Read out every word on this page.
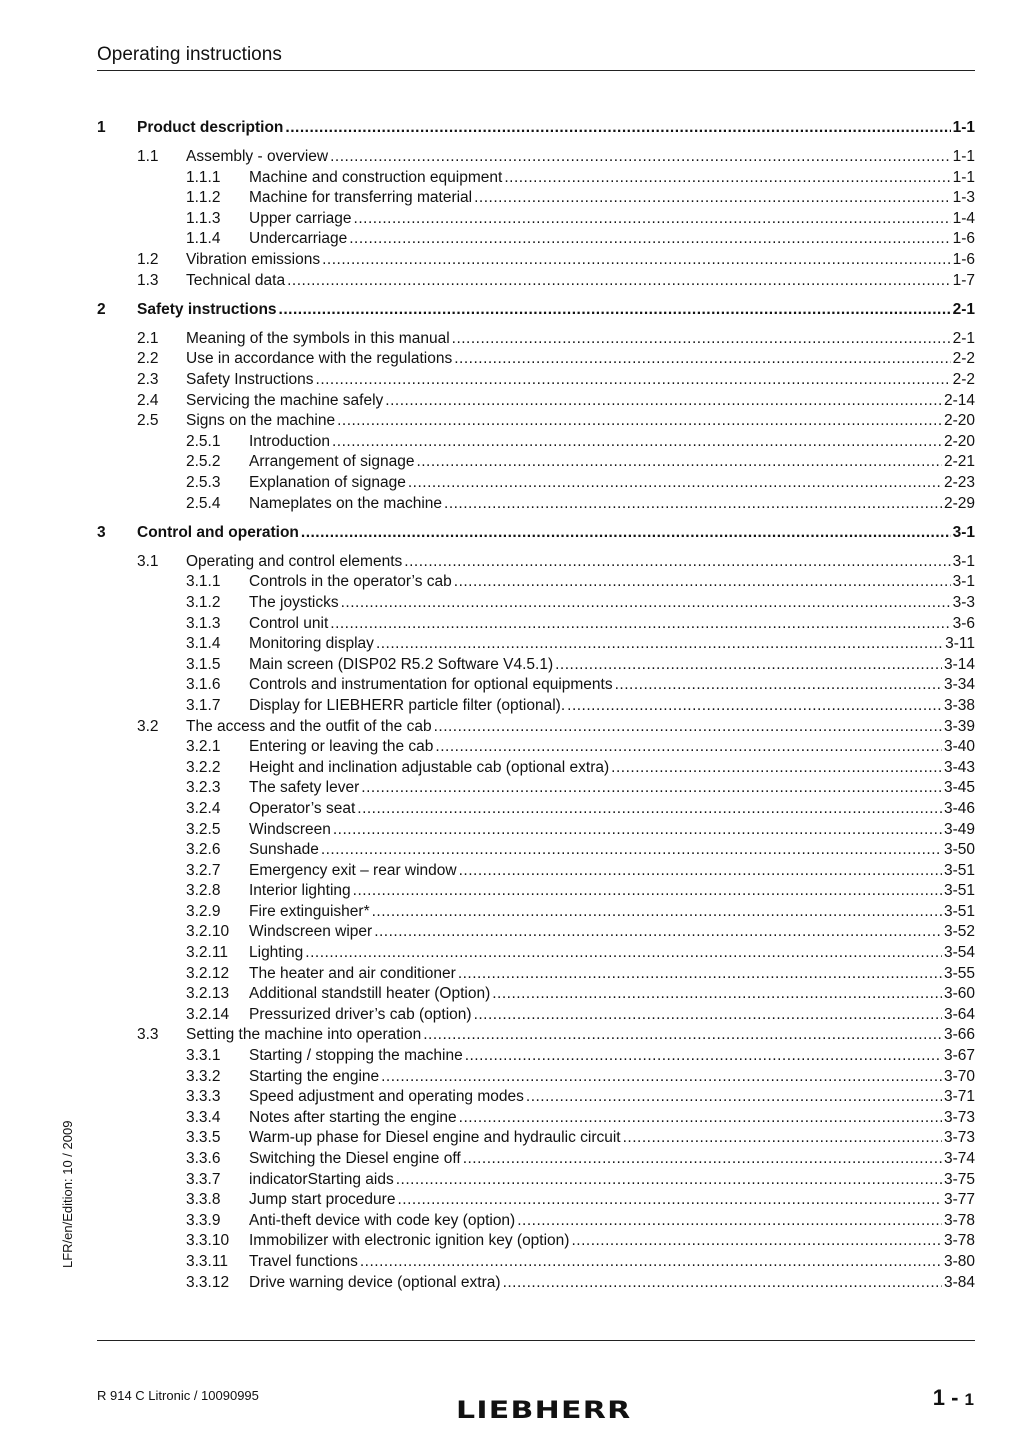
Operating instructions
1 Product description .....	1-1
1.1 Assembly - overview .....	1-1
1.1.1 Machine and construction equipment .....	1-1
1.1.2 Machine for transferring material .....	1-3
1.1.3 Upper carriage .....	1-4
1.1.4 Undercarriage .....	1-6
1.2 Vibration emissions .....	1-6
1.3 Technical data .....	1-7
2 Safety instructions .....	2-1
2.1 Meaning of the symbols in this manual .....	2-1
2.2 Use in accordance with the regulations .....	2-2
2.3 Safety Instructions .....	2-2
2.4 Servicing the machine safely .....	2-14
2.5 Signs on the machine .....	2-20
2.5.1 Introduction .....	2-20
2.5.2 Arrangement of signage .....	2-21
2.5.3 Explanation of signage .....	2-23
2.5.4 Nameplates on the machine .....	2-29
3 Control and operation .....	3-1
3.1 Operating and control elements .....	3-1
3.1.1 Controls in the operator’s cab .....	3-1
3.1.2 The joysticks .....	3-3
3.1.3 Control unit .....	3-6
3.1.4 Monitoring display .....	3-11
3.1.5 Main screen (DISP02 R5.2 Software V4.5.1) .....	3-14
3.1.6 Controls and instrumentation for optional equipments .....	3-34
3.1.7 Display for LIEBHERR particle filter (optional). .....	3-38
3.2 The access and the outfit of the cab .....	3-39
3.2.1 Entering or leaving the cab .....	3-40
3.2.2 Height and inclination adjustable cab (optional extra) .....	3-43
3.2.3 The safety lever .....	3-45
3.2.4 Operator’s seat .....	3-46
3.2.5 Windscreen .....	3-49
3.2.6 Sunshade .....	3-50
3.2.7 Emergency exit – rear window .....	3-51
3.2.8 Interior lighting .....	3-51
3.2.9 Fire extinguisher* .....	3-51
3.2.10 Windscreen wiper .....	3-52
3.2.11 Lighting .....	3-54
3.2.12 The heater and air conditioner .....	3-55
3.2.13 Additional standstill heater (Option) .....	3-60
3.2.14 Pressurized driver’s cab (option) .....	3-64
3.3 Setting the machine into operation .....	3-66
3.3.1 Starting / stopping the machine .....	3-67
3.3.2 Starting the engine .....	3-70
3.3.3 Speed adjustment and operating modes .....	3-71
3.3.4 Notes after starting the engine .....	3-73
3.3.5 Warm-up phase for Diesel engine and hydraulic circuit .....	3-73
3.3.6 Switching the Diesel engine off .....	3-74
3.3.7 indicatorStarting aids .....	3-75
3.3.8 Jump start procedure .....	3-77
3.3.9 Anti-theft device with code key (option) .....	3-78
3.3.10 Immobilizer with electronic ignition key (option) .....	3-78
3.3.11 Travel functions .....	3-80
3.3.12 Drive warning device (optional extra) .....	3-84
LFR/en/Edition: 10 / 2009
R 914 C Litronic / 10090995
LIEBHERR	1 - 1
